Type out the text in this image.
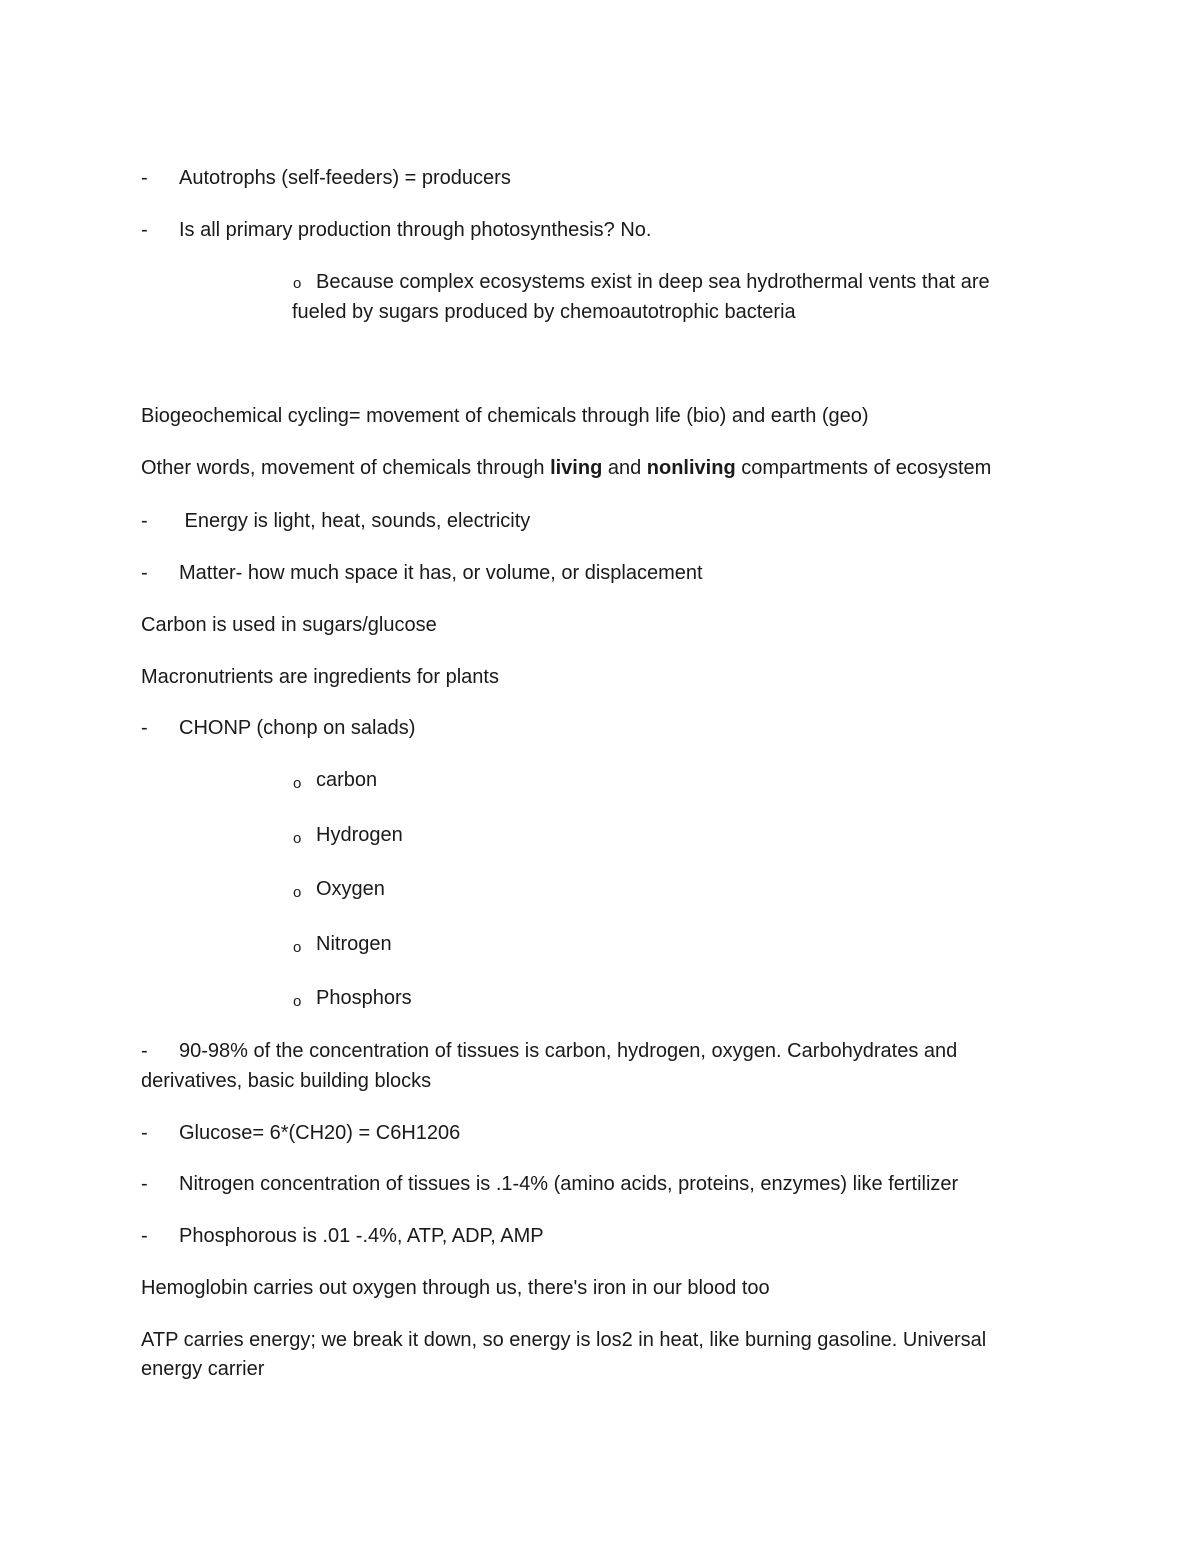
- Autotrophs (self-feeders) = producers
- Is all primary production through photosynthesis? No.
o Because complex ecosystems exist in deep sea hydrothermal vents that are
fueled by sugars produced by chemoautotrophic bacteria
Biogeochemical cycling= movement of chemicals through life (bio) and earth (geo)
Other words, movement of chemicals through living and nonliving compartments of ecosystem
- Energy is light, heat, sounds, electricity
- Matter- how much space it has, or volume, or displacement
Carbon is used in sugars/glucose
Macronutrients are ingredients for plants
- CHONP (chonp on salads)
o carbon
o Hydrogen
o Oxygen
o Nitrogen
o Phosphors
- 90-98% of the concentration of tissues is carbon, hydrogen, oxygen. Carbohydrates and
derivatives, basic building blocks
- Glucose= 6*(CH20) = C6H1206
- Nitrogen concentration of tissues is .1-4% (amino acids, proteins, enzymes) like fertilizer
- Phosphorous is .01 -.4%, ATP, ADP, AMP
Hemoglobin carries out oxygen through us, there's iron in our blood too
ATP carries energy; we break it down, so energy is los2 in heat, like burning gasoline. Universal
energy carrier
